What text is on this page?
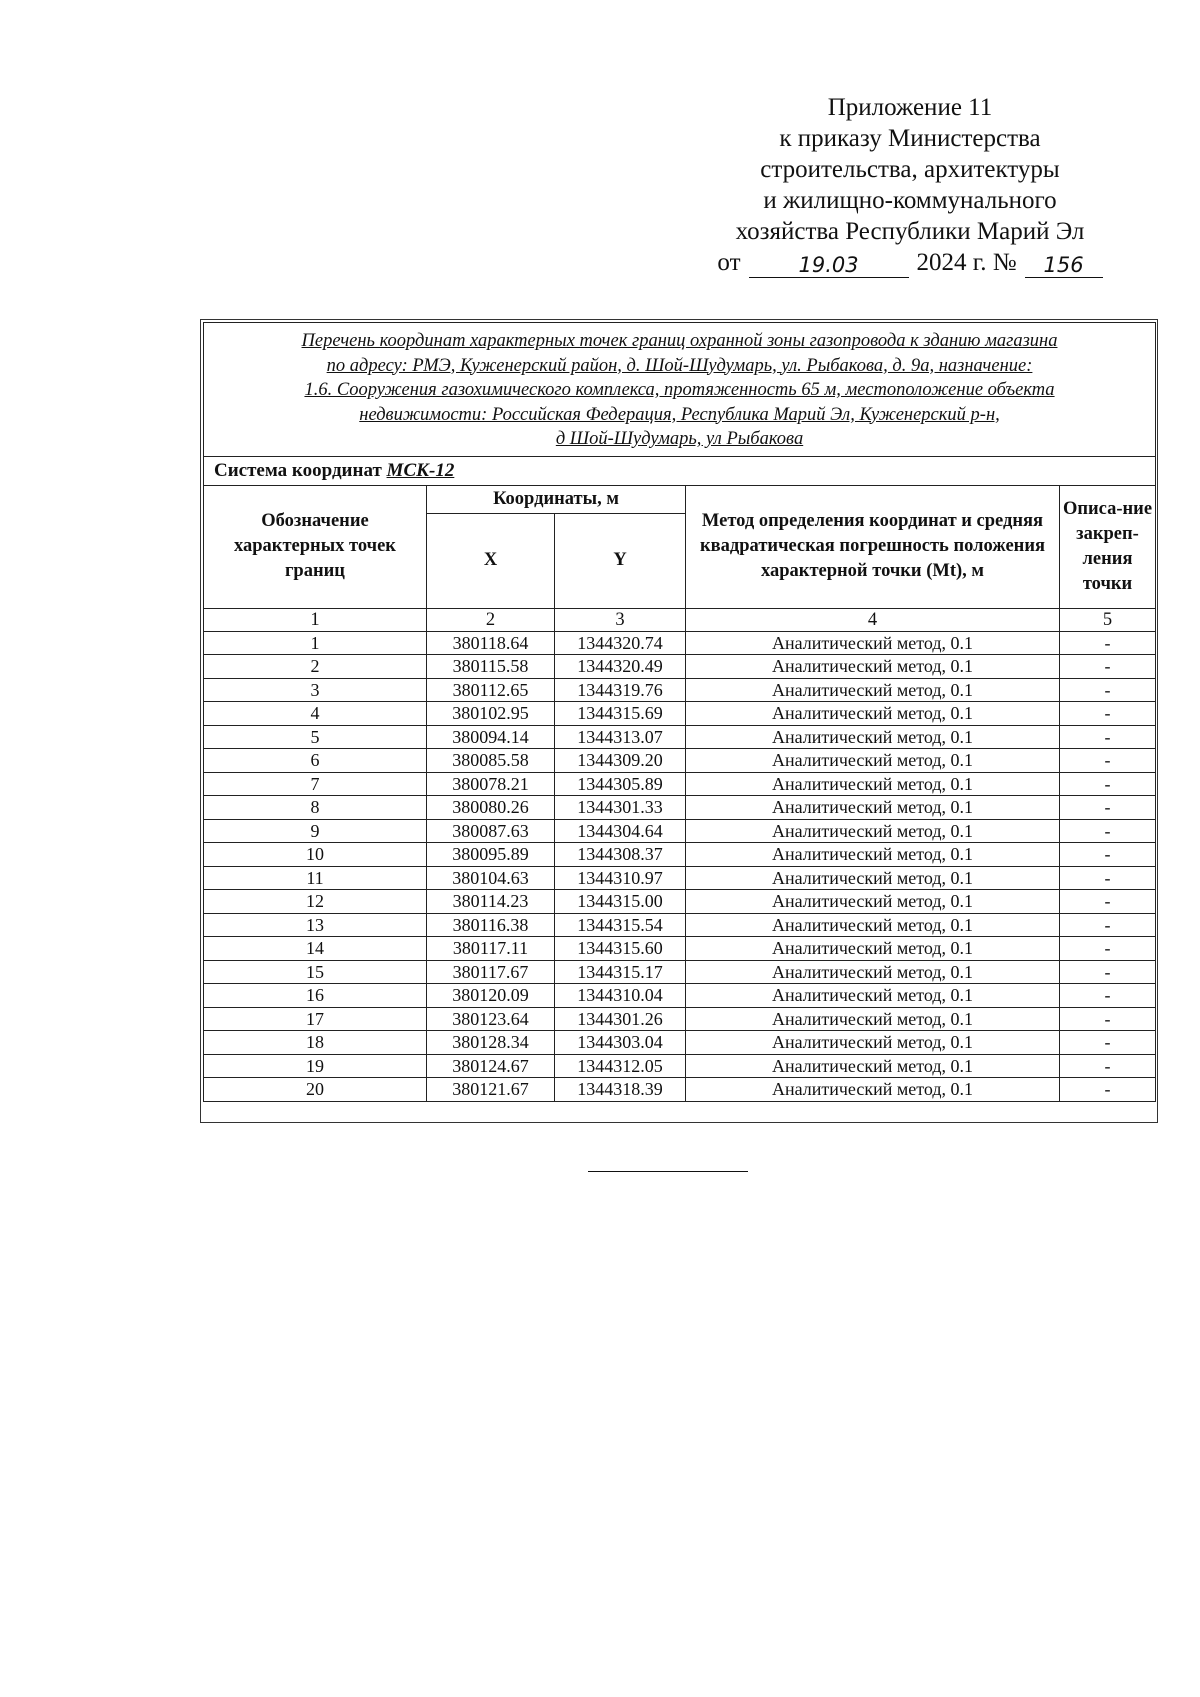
Приложение 11
к приказу Министерства
строительства, архитектуры
и жилищно-коммунального
хозяйства Республики Марий Эл
от	19.03	2024 г. №	156
Перечень координат характерных точек границ охранной зоны газопровода к зданию магазина
по адресу: РМЭ, Куженерский район, д. Шой-Шудумарь, ул. Рыбакова, д. 9а, назначение:
1.6. Сооружения газохимического комплекса, протяженность 65 м, местоположение объекта
недвижимости: Российская Федерация, Республика Марий Эл, Куженерский р-н,
д Шой-Шудумарь, ул Рыбакова				

Система координат МСК-12				
Обозначение характерных точек границ	Координаты, м		Метод определения координат и средняя квадратическая погрешность положения характерной точки (Mt), м	Описа-ние закреп-ления точки
	X	Y		
1	2	3	4	5
1	380118.64	1344320.74	Аналитический метод, 0.1	-
2	380115.58	1344320.49	Аналитический метод, 0.1	-
3	380112.65	1344319.76	Аналитический метод, 0.1	-
4	380102.95	1344315.69	Аналитический метод, 0.1	-
5	380094.14	1344313.07	Аналитический метод, 0.1	-
6	380085.58	1344309.20	Аналитический метод, 0.1	-
7	380078.21	1344305.89	Аналитический метод, 0.1	-
8	380080.26	1344301.33	Аналитический метод, 0.1	-
9	380087.63	1344304.64	Аналитический метод, 0.1	-
10	380095.89	1344308.37	Аналитический метод, 0.1	-
11	380104.63	1344310.97	Аналитический метод, 0.1	-
12	380114.23	1344315.00	Аналитический метод, 0.1	-
13	380116.38	1344315.54	Аналитический метод, 0.1	-
14	380117.11	1344315.60	Аналитический метод, 0.1	-
15	380117.67	1344315.17	Аналитический метод, 0.1	-
16	380120.09	1344310.04	Аналитический метод, 0.1	-
17	380123.64	1344301.26	Аналитический метод, 0.1	-
18	380128.34	1344303.04	Аналитический метод, 0.1	-
19	380124.67	1344312.05	Аналитический метод, 0.1	-
20	380121.67	1344318.39	Аналитический метод, 0.1	-
